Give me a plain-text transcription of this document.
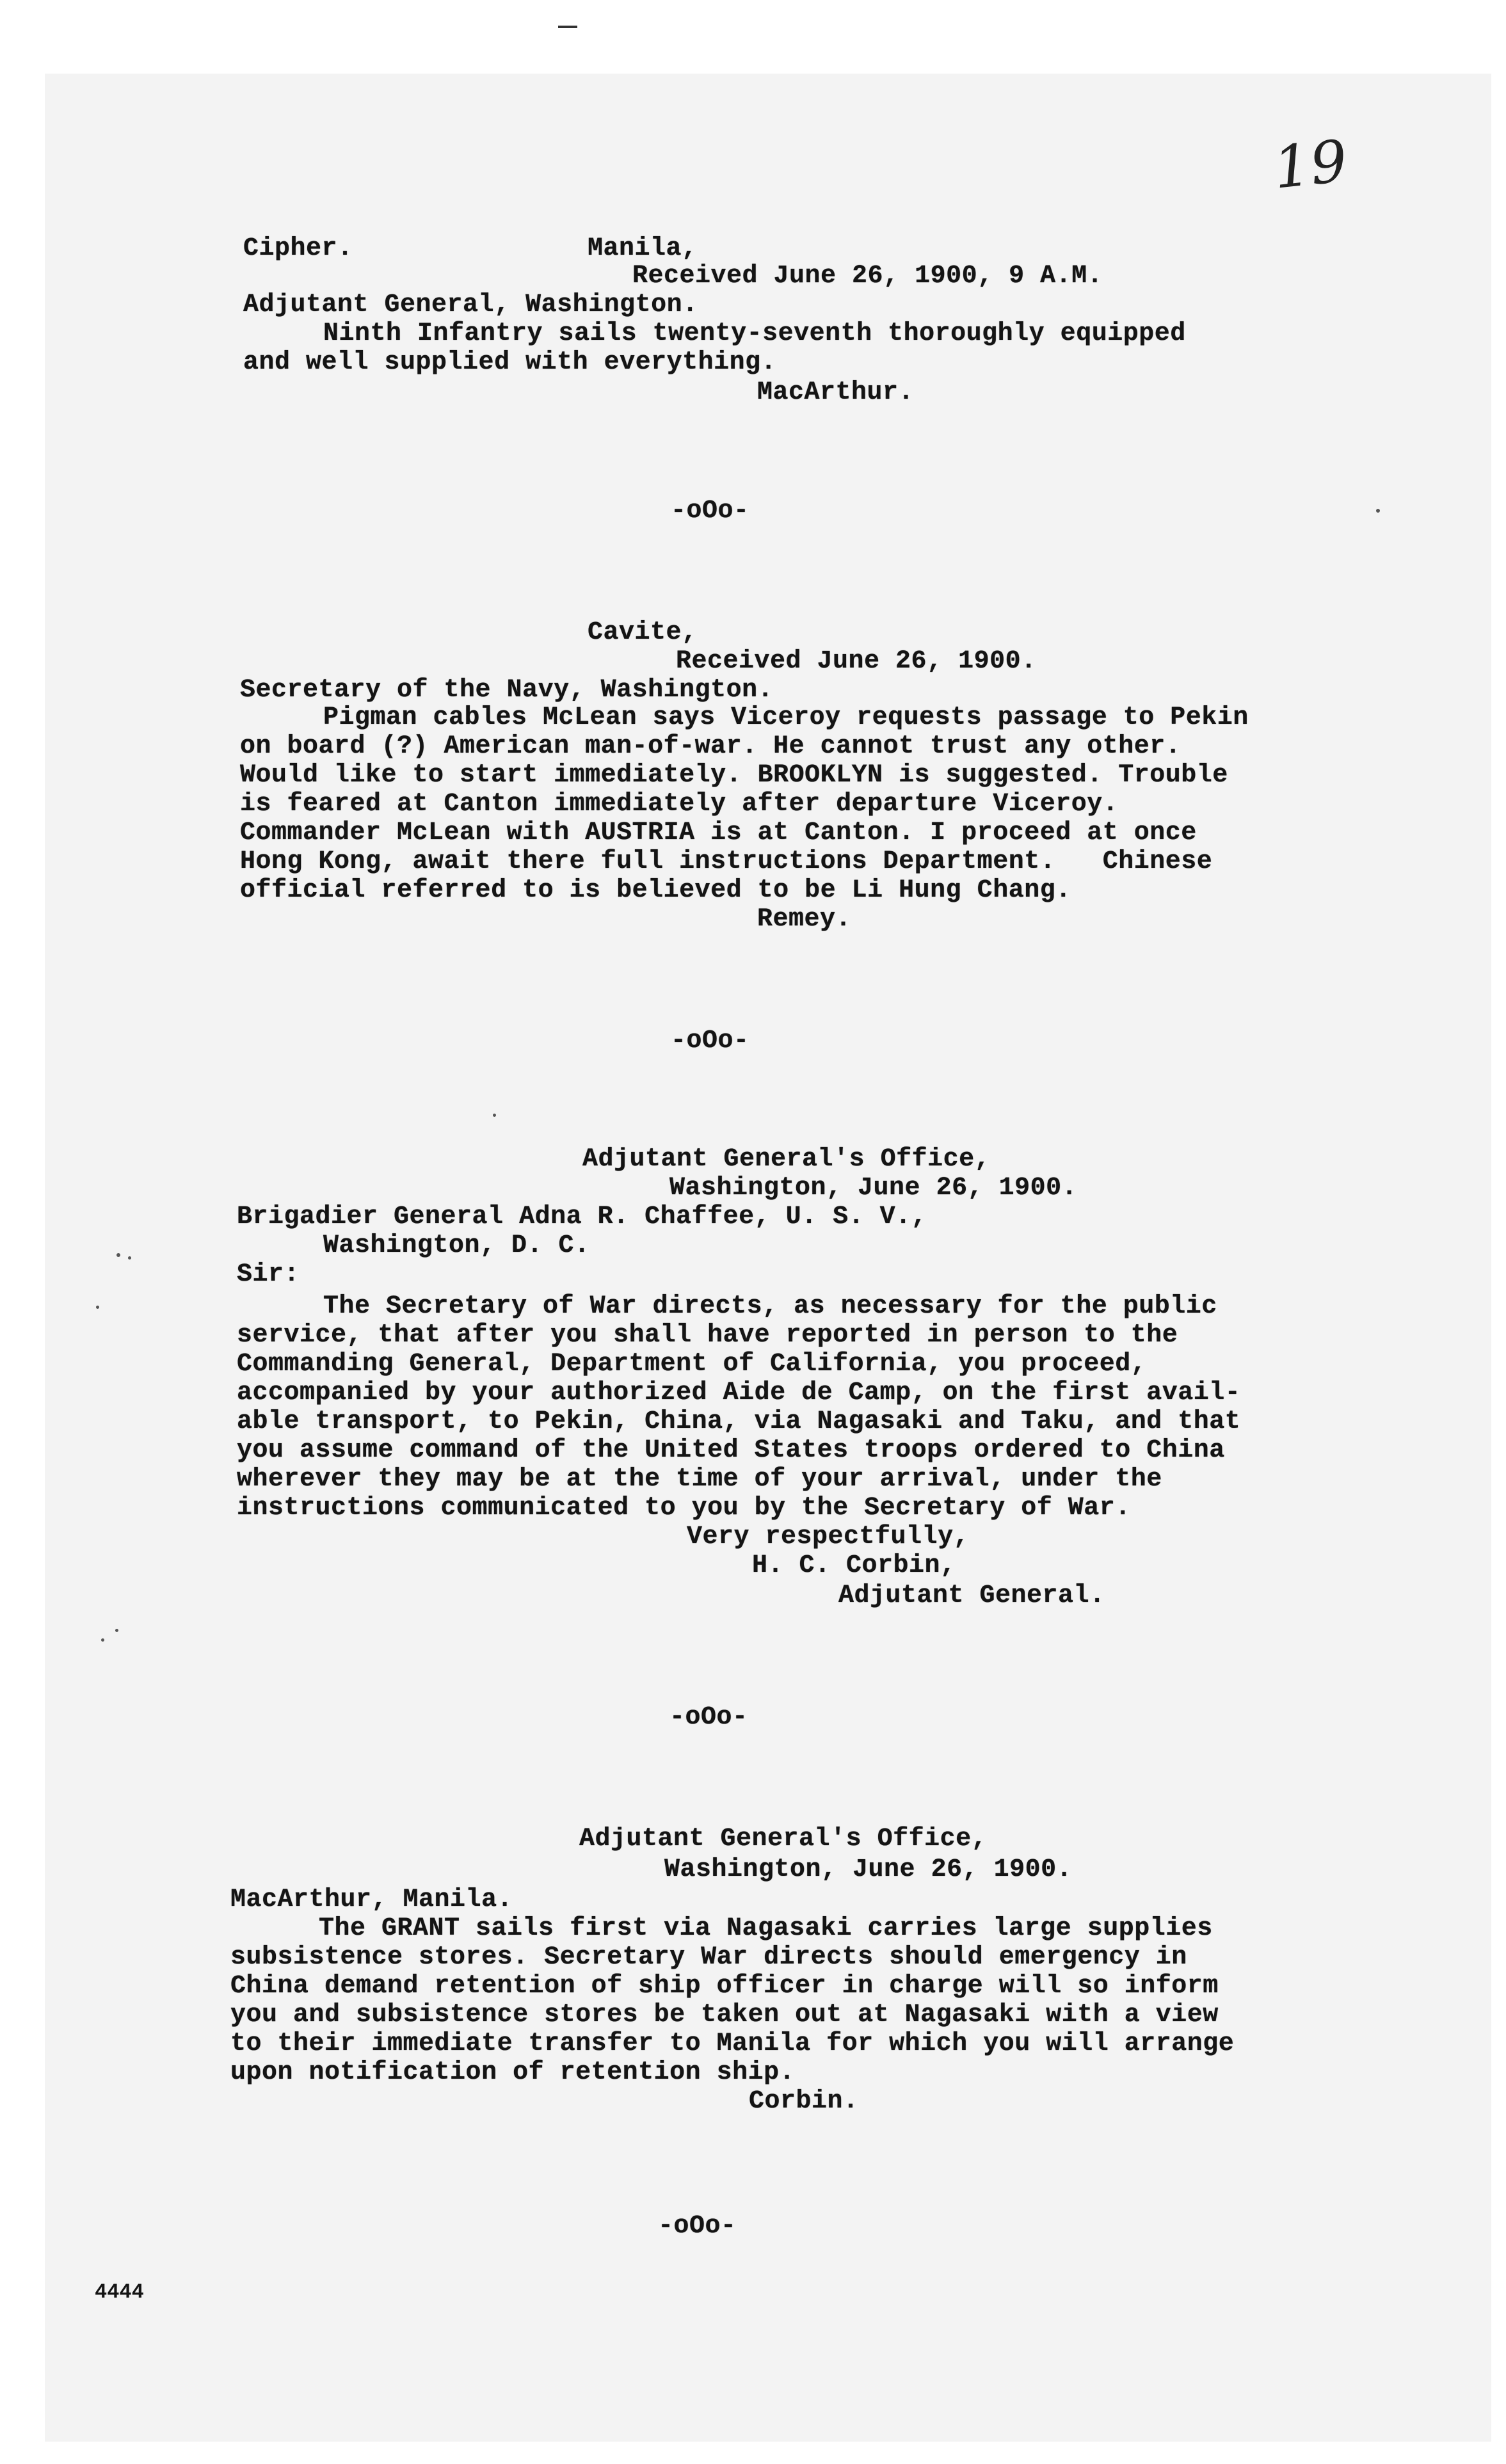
19
Cipher.	Manila,
Received June 26, 1900, 9 A.M.
Adjutant General, Washington.
Ninth Infantry sails twenty-seventh thoroughly equipped
and well supplied with everything.
MacArthur.
-oOo-
Cavite,
Received June 26, 1900.
Secretary of the Navy, Washington.
Pigman cables McLean says Viceroy requests passage to Pekin
on board (?) American man-of-war. He cannot trust any other.
Would like to start immediately. BROOKLYN is suggested. Trouble
is feared at Canton immediately after departure Viceroy.
Commander McLean with AUSTRIA is at Canton. I proceed at once
Hong Kong, await there full instructions Department.   Chinese
official referred to is believed to be Li Hung Chang.
Remey.
-oOo-
Adjutant General's Office,
Washington, June 26, 1900.
Brigadier General Adna R. Chaffee, U. S. V.,
Washington, D. C.
Sir:
The Secretary of War directs, as necessary for the public
service, that after you shall have reported in person to the
Commanding General, Department of California, you proceed,
accompanied by your authorized Aide de Camp, on the first avail-
able transport, to Pekin, China, via Nagasaki and Taku, and that
you assume command of the United States troops ordered to China
wherever they may be at the time of your arrival, under the
instructions communicated to you by the Secretary of War.
Very respectfully,
H. C. Corbin,
Adjutant General.
-oOo-
Adjutant General's Office,
Washington, June 26, 1900.
MacArthur, Manila.
The GRANT sails first via Nagasaki carries large supplies
subsistence stores. Secretary War directs should emergency in
China demand retention of ship officer in charge will so inform
you and subsistence stores be taken out at Nagasaki with a view
to their immediate transfer to Manila for which you will arrange
upon notification of retention ship.
Corbin.
-oOo-
4444
